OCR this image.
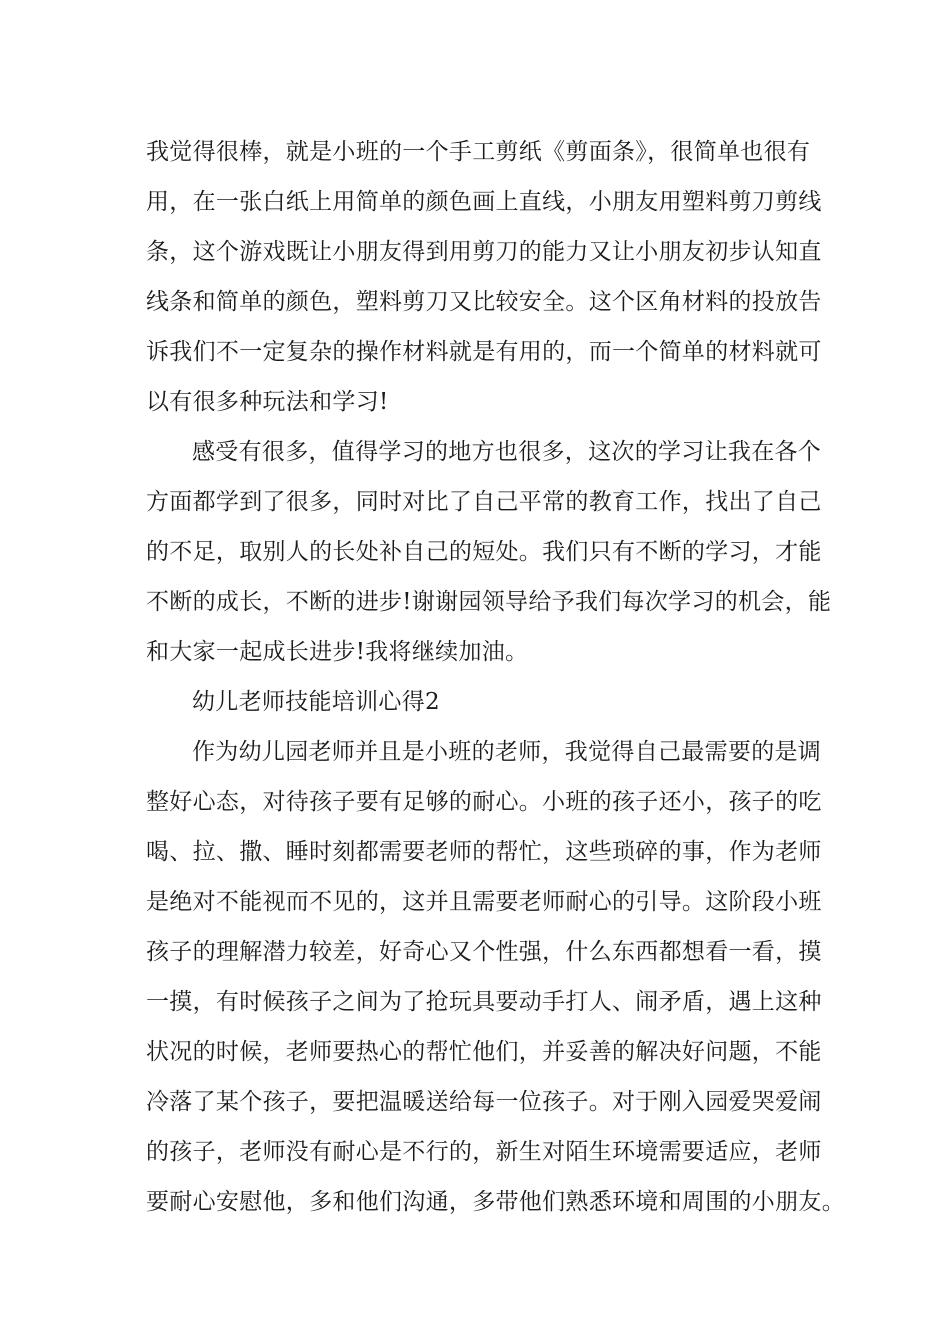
我觉得很棒，就是小班的一个手工剪纸《剪面条》，很简单也很有
用，在一张白纸上用简单的颜色画上直线，小朋友用塑料剪刀剪线
条，这个游戏既让小朋友得到用剪刀的能力又让小朋友初步认知直
线条和简单的颜色，塑料剪刀又比较安全。这个区角材料的投放告
诉我们不一定复杂的操作材料就是有用的，而一个简单的材料就可
以有很多种玩法和学习!
感受有很多，值得学习的地方也很多，这次的学习让我在各个
方面都学到了很多，同时对比了自己平常的教育工作，找出了自己
的不足，取别人的长处补自己的短处。我们只有不断的学习，才能
不断的成长，不断的进步!谢谢园领导给予我们每次学习的机会，能
和大家一起成长进步!我将继续加油。
幼儿老师技能培训心得2
作为幼儿园老师并且是小班的老师，我觉得自己最需要的是调
整好心态，对待孩子要有足够的耐心。小班的孩子还小，孩子的吃
喝、拉、撒、睡时刻都需要老师的帮忙，这些琐碎的事，作为老师
是绝对不能视而不见的，这并且需要老师耐心的引导。这阶段小班
孩子的理解潜力较差，好奇心又个性强，什么东西都想看一看，摸
一摸，有时候孩子之间为了抢玩具要动手打人、闹矛盾，遇上这种
状况的时候，老师要热心的帮忙他们，并妥善的解决好问题，不能
冷落了某个孩子，要把温暖送给每一位孩子。对于刚入园爱哭爱闹
的孩子，老师没有耐心是不行的，新生对陌生环境需要适应，老师
要耐心安慰他，多和他们沟通，多带他们熟悉环境和周围的小朋友。
